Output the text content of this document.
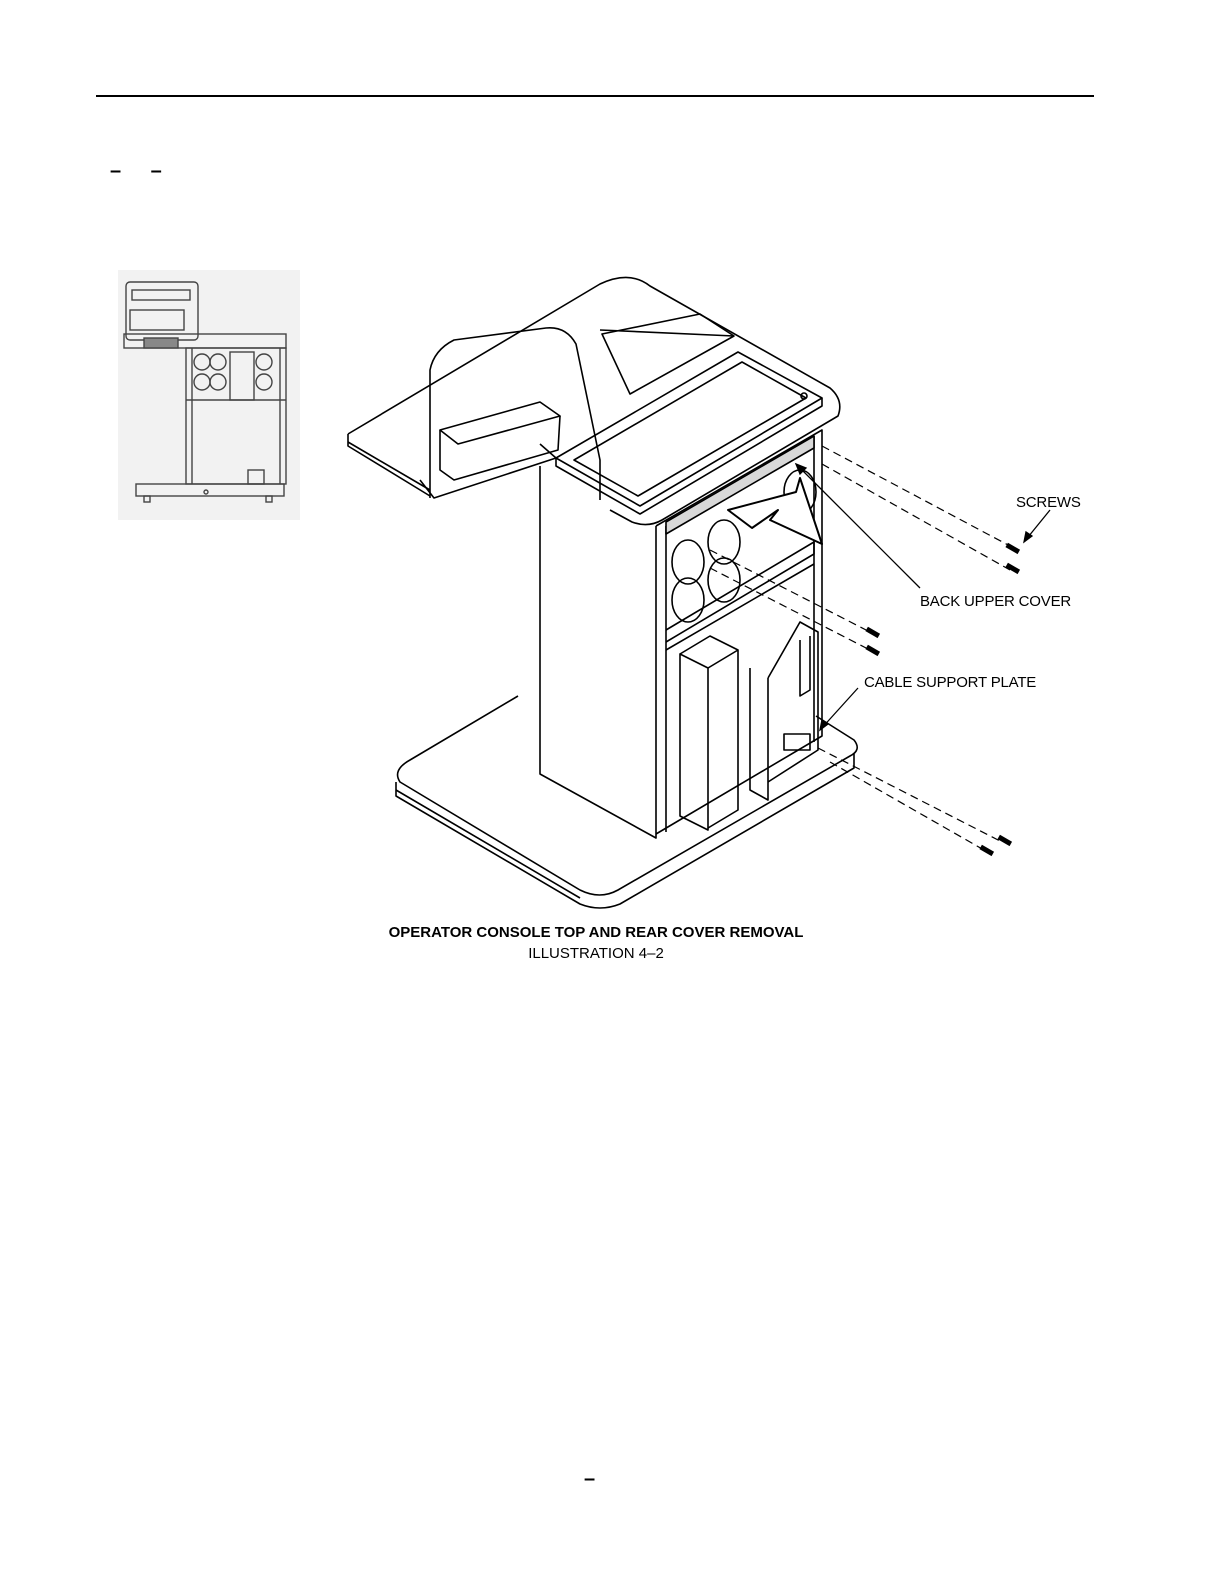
– –
SCREWS
BACK UPPER COVER
CABLE SUPPORT PLATE
OPERATOR CONSOLE TOP AND REAR COVER REMOVAL
ILLUSTRATION 4–2
–
